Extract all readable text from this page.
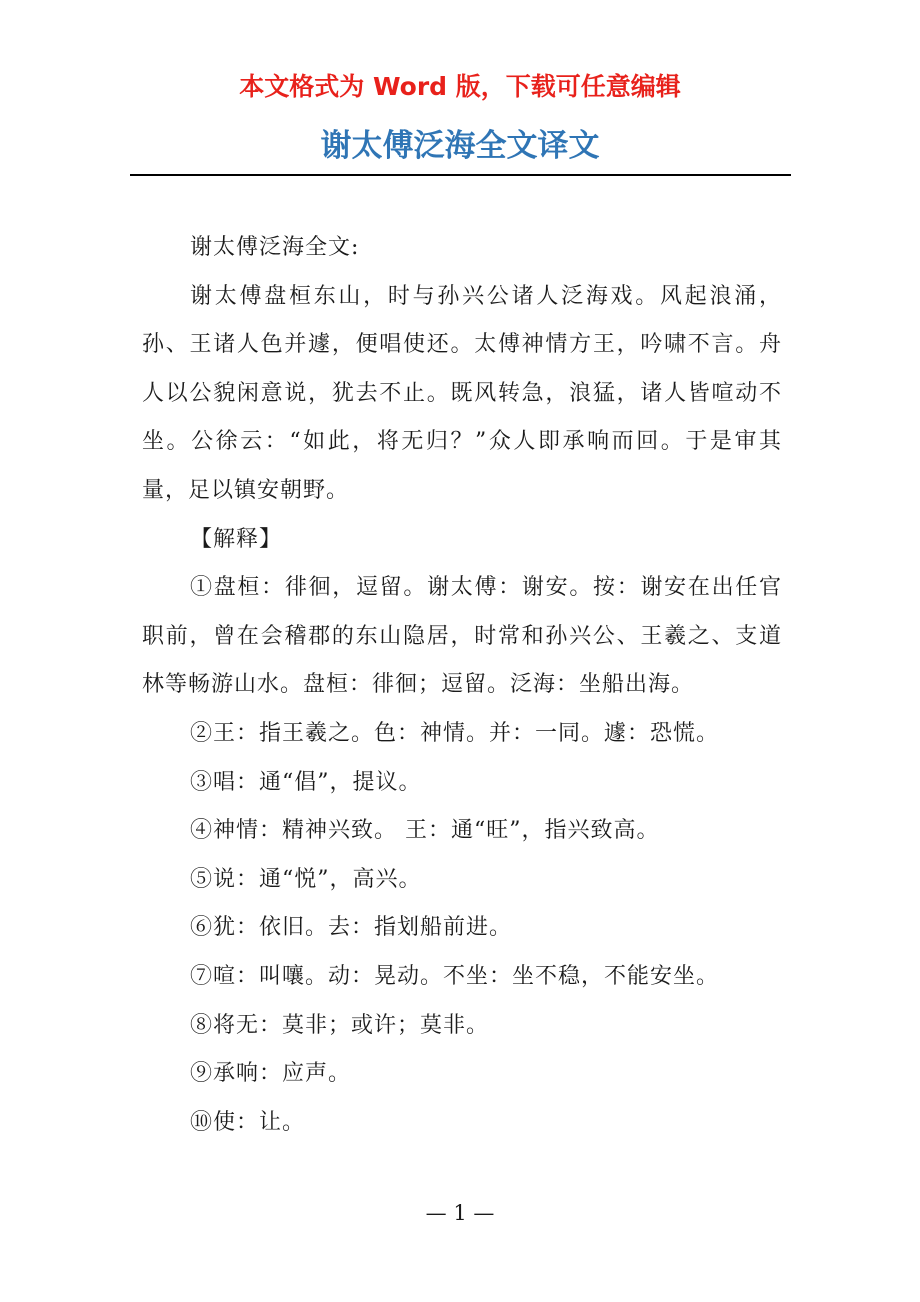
本文格式为 Word 版，下载可任意编辑
谢太傅泛海全文译文

谢太傅泛海全文:

谢太傅盘桓东山，时与孙兴公诸人泛海戏。风起浪涌，孙、王诸人色并遽，便唱使还。太傅神情方王，吟啸不言。舟人以公貌闲意说，犹去不止。既风转急，浪猛，诸人皆喧动不坐。公徐云：“如此，将无归？”众人即承响而回。于是审其量，足以镇安朝野。

【解释】

①盘桓：徘徊，逗留。谢太傅：谢安。按：谢安在出任官职前，曾在会稽郡的东山隐居，时常和孙兴公、王羲之、支道林等畅游山水。盘桓：徘徊；逗留。泛海：坐船出海。

②王：指王羲之。色：神情。并：一同。遽：恐慌。

③唱：通“倡”，提议。

④神情：精神兴致。 王：通“旺”，指兴致高。

⑤说：通“悦”，高兴。

⑥犹：依旧。去：指划船前进。

⑦喧：叫嚷。动：晃动。不坐：坐不稳，不能安坐。

⑧将无：莫非；或许；莫非。

⑨承响：应声。

⑩使：让。

— 1 —
